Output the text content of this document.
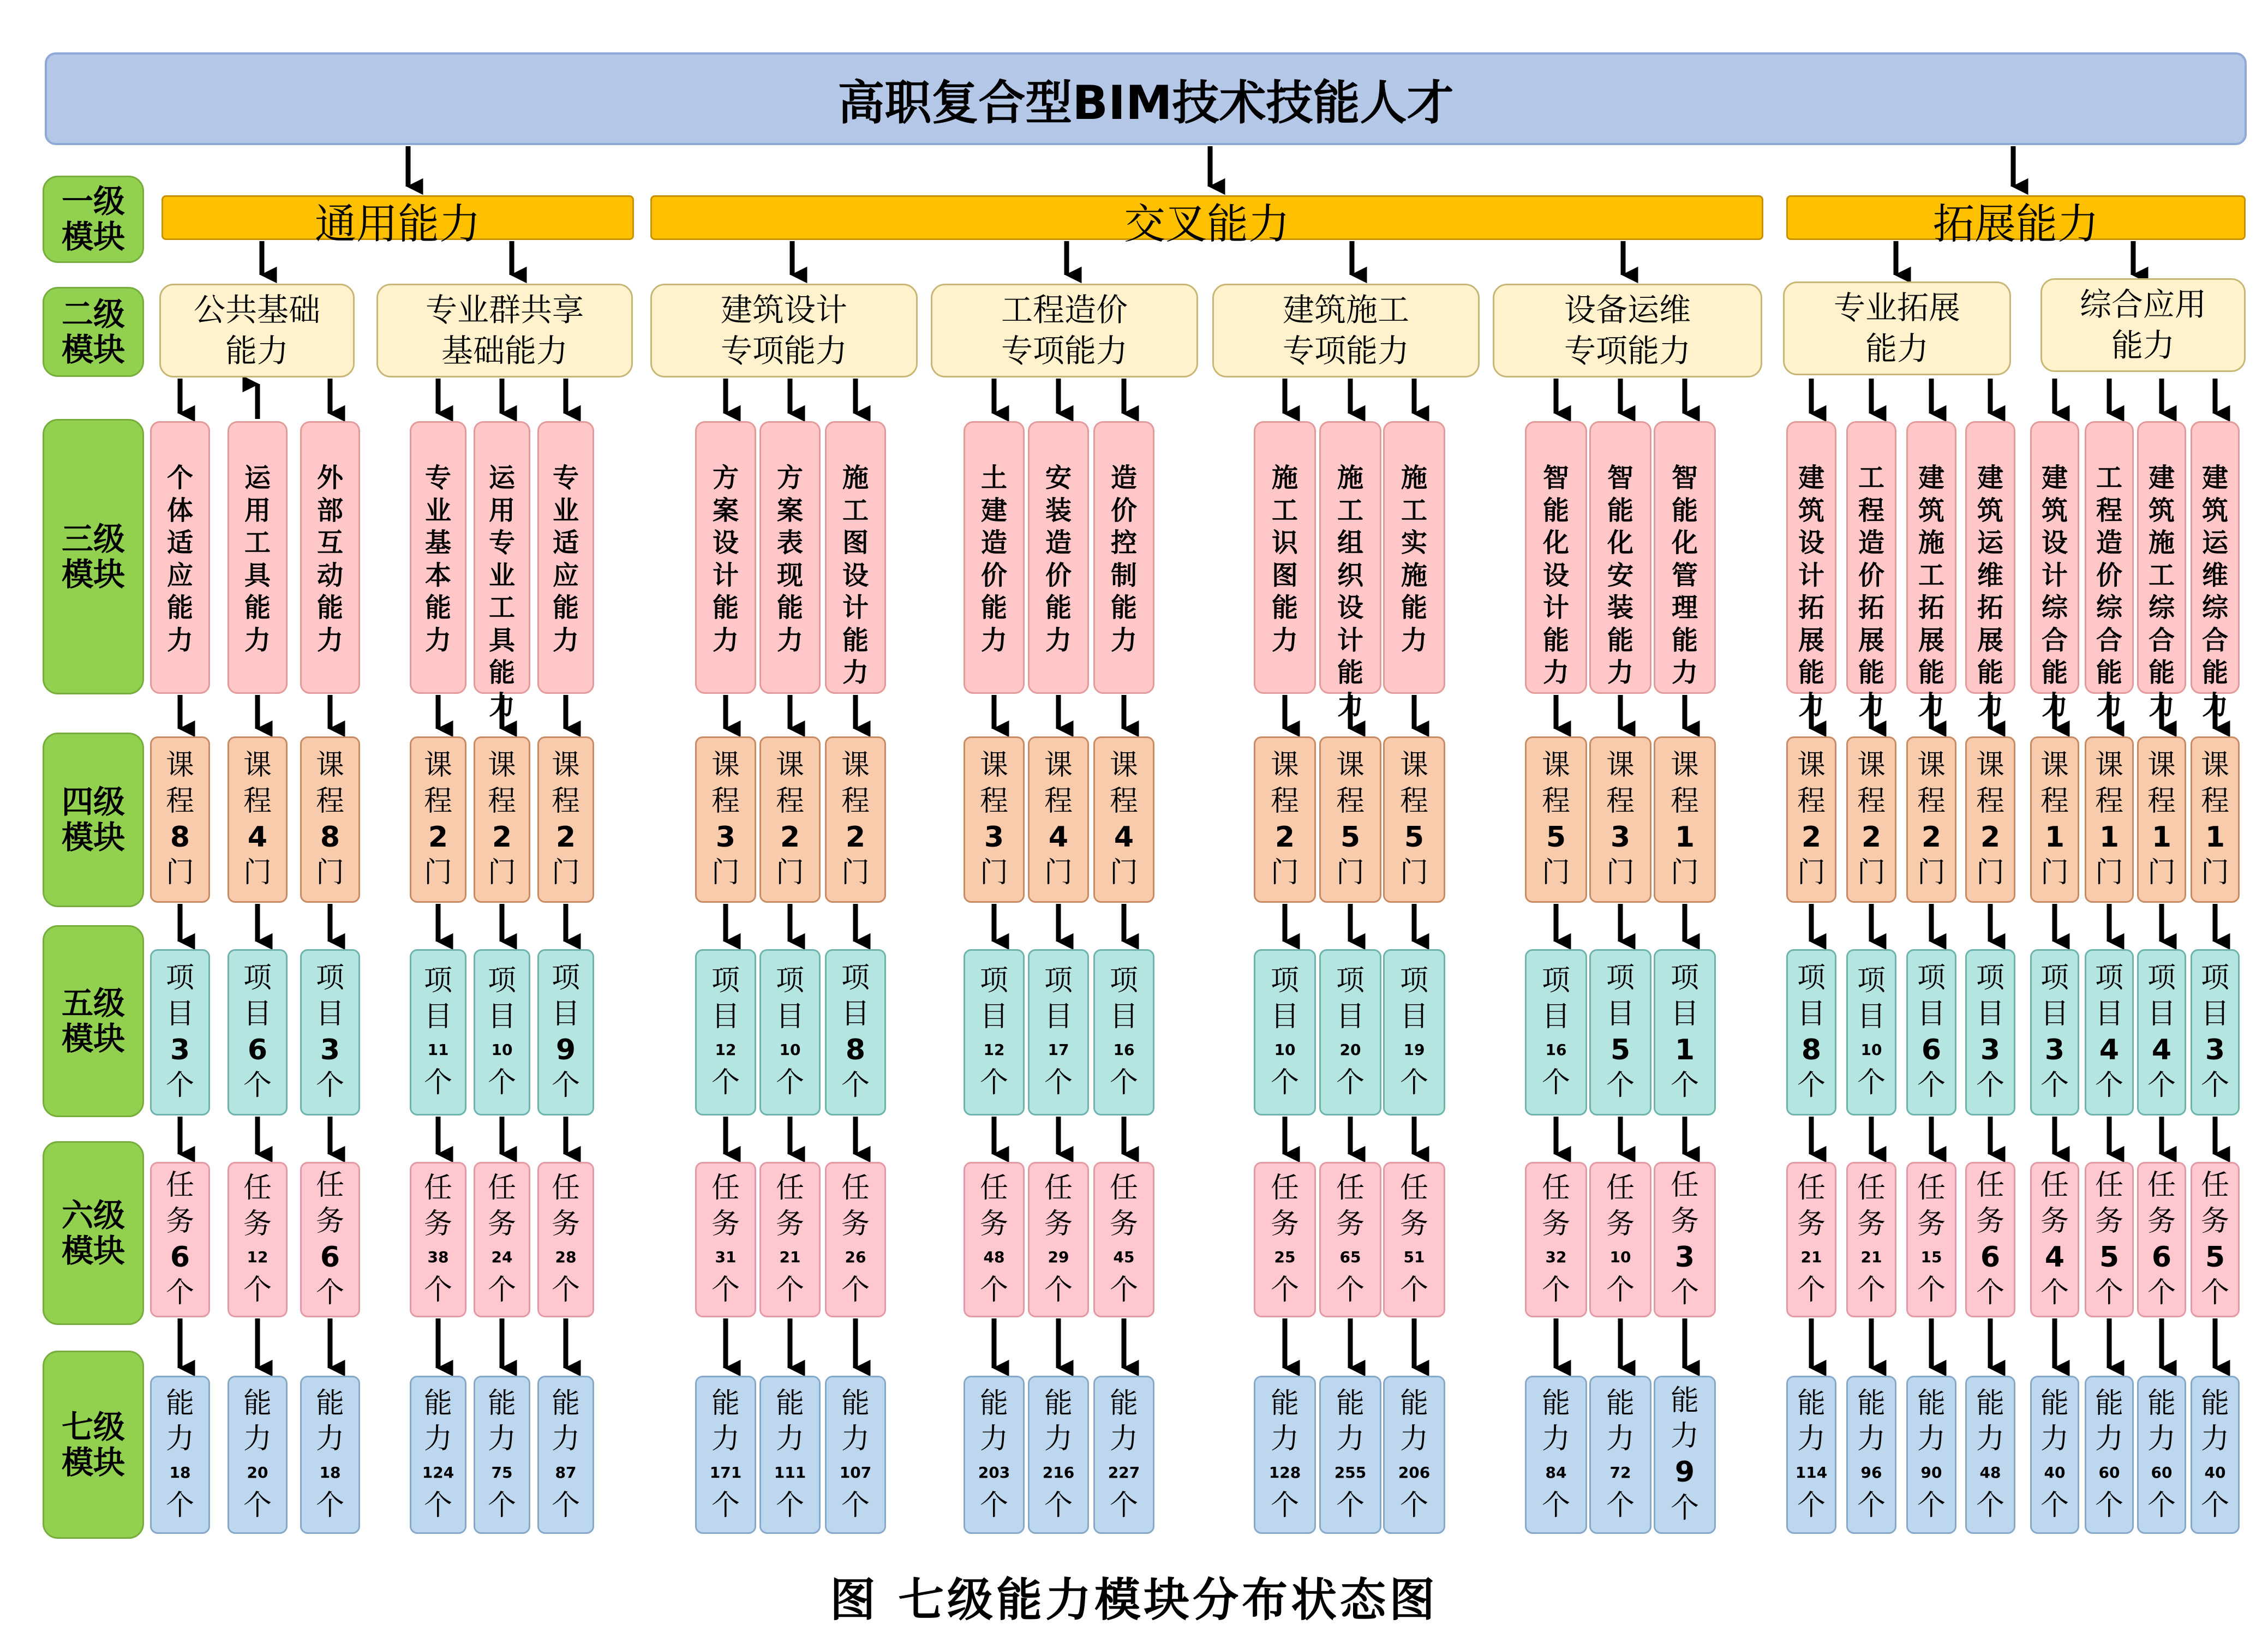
高职复合型BIM技术技能人才
一级
模块
二级
模块
三级
模块
四级
模块
五级
模块
六级
模块
七级
模块
通用能力	交叉能力	拓展能力
公共基础
能力
专业群共享
基础能力
建筑设计
专项能力
工程造价
专项能力
建筑施工
专项能力
设备运维
专项能力
专业拓展
能力
综合应用
能力
个
体
适
应
能
力
课
程
8
门
项
目
3
个
任
务
6
个
能
力
18
个
运
用
工
具
能
力
课
程
4
门
项
目
6
个
任
务
12
个
能
力
20
个
外
部
互
动
能
力
课
程
8
门
项
目
3
个
任
务
6
个
能
力
18
个
专
业
基
本
能
力
课
程
2
门
项
目
11
个
任
务
38
个
能
力
124
个
运
用
专
业
工
具
能
力
课
程
2
门
项
目
10
个
任
务
24
个
能
力
75
个
专
业
适
应
能
力
课
程
2
门
项
目
9
个
任
务
28
个
能
力
87
个
方
案
设
计
能
力
课
程
3
门
项
目
12
个
任
务
31
个
能
力
171
个
方
案
表
现
能
力
课
程
2
门
项
目
10
个
任
务
21
个
能
力
111
个
施
工
图
设
计
能
力
课
程
2
门
项
目
8
个
任
务
26
个
能
力
107
个
土
建
造
价
能
力
课
程
3
门
项
目
12
个
任
务
48
个
能
力
203
个
安
装
造
价
能
力
课
程
4
门
项
目
17
个
任
务
29
个
能
力
216
个
造
价
控
制
能
力
课
程
4
门
项
目
16
个
任
务
45
个
能
力
227
个
施
工
识
图
能
力
课
程
2
门
项
目
10
个
任
务
25
个
能
力
128
个
施
工
组
织
设
计
能
力
课
程
5
门
项
目
20
个
任
务
65
个
能
力
255
个
施
工
实
施
能
力
课
程
5
门
项
目
19
个
任
务
51
个
能
力
206
个
智
能
化
设
计
能
力
课
程
5
门
项
目
16
个
任
务
32
个
能
力
84
个
智
能
化
安
装
能
力
课
程
3
门
项
目
5
个
任
务
10
个
能
力
72
个
智
能
化
管
理
能
力
课
程
1
门
项
目
1
个
任
务
3
个
能
力
9
个
建
筑
设
计
拓
展
能
力
课
程
2
门
项
目
8
个
任
务
21
个
能
力
114
个
工
程
造
价
拓
展
能
力
课
程
2
门
项
目
10
个
任
务
21
个
能
力
96
个
建
筑
施
工
拓
展
能
力
课
程
2
门
项
目
6
个
任
务
15
个
能
力
90
个
建
筑
运
维
拓
展
能
力
课
程
2
门
项
目
3
个
任
务
6
个
能
力
48
个
建
筑
设
计
综
合
能
力
课
程
1
门
项
目
3
个
任
务
4
个
能
力
40
个
工
程
造
价
综
合
能
力
课
程
1
门
项
目
4
个
任
务
5
个
能
力
60
个
建
筑
施
工
综
合
能
力
课
程
1
门
项
目
4
个
任
务
6
个
能
力
60
个
建
筑
运
维
综
合
能
力
课
程
1
门
项
目
3
个
任
务
5
个
能
力
40
个
图 七级能力模块分布状态图
